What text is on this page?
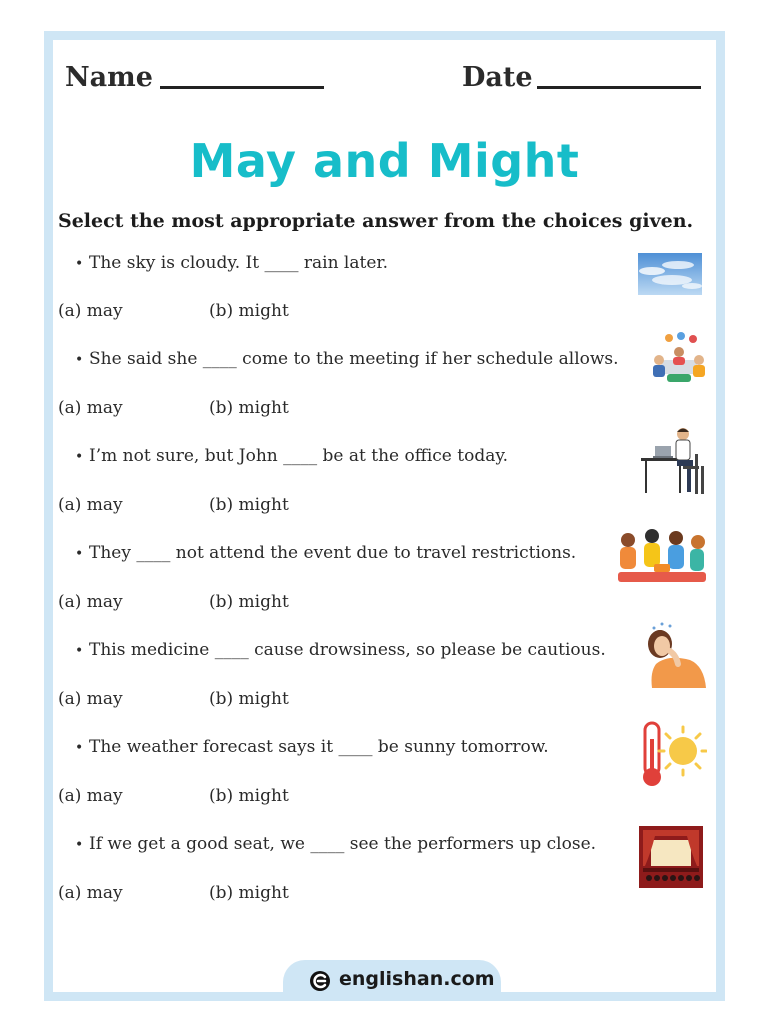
Name	Date
May and Might
Select the most appropriate answer from the choices given.
• The sky is cloudy. It ____ rain later.
(a) may	(b) might
• She said she ____ come to the meeting if her schedule allows.
(a) may	(b) might
• I’m not sure, but John ____ be at the office today.
(a) may	(b) might
• They ____ not attend the event due to travel restrictions.
(a) may	(b) might
• This medicine ____ cause drowsiness, so please be cautious.
(a) may	(b) might
• The weather forecast says it ____ be sunny tomorrow.
(a) may	(b) might
• If we get a good seat, we ____ see the performers up close.
(a) may	(b) might
englishan.com
